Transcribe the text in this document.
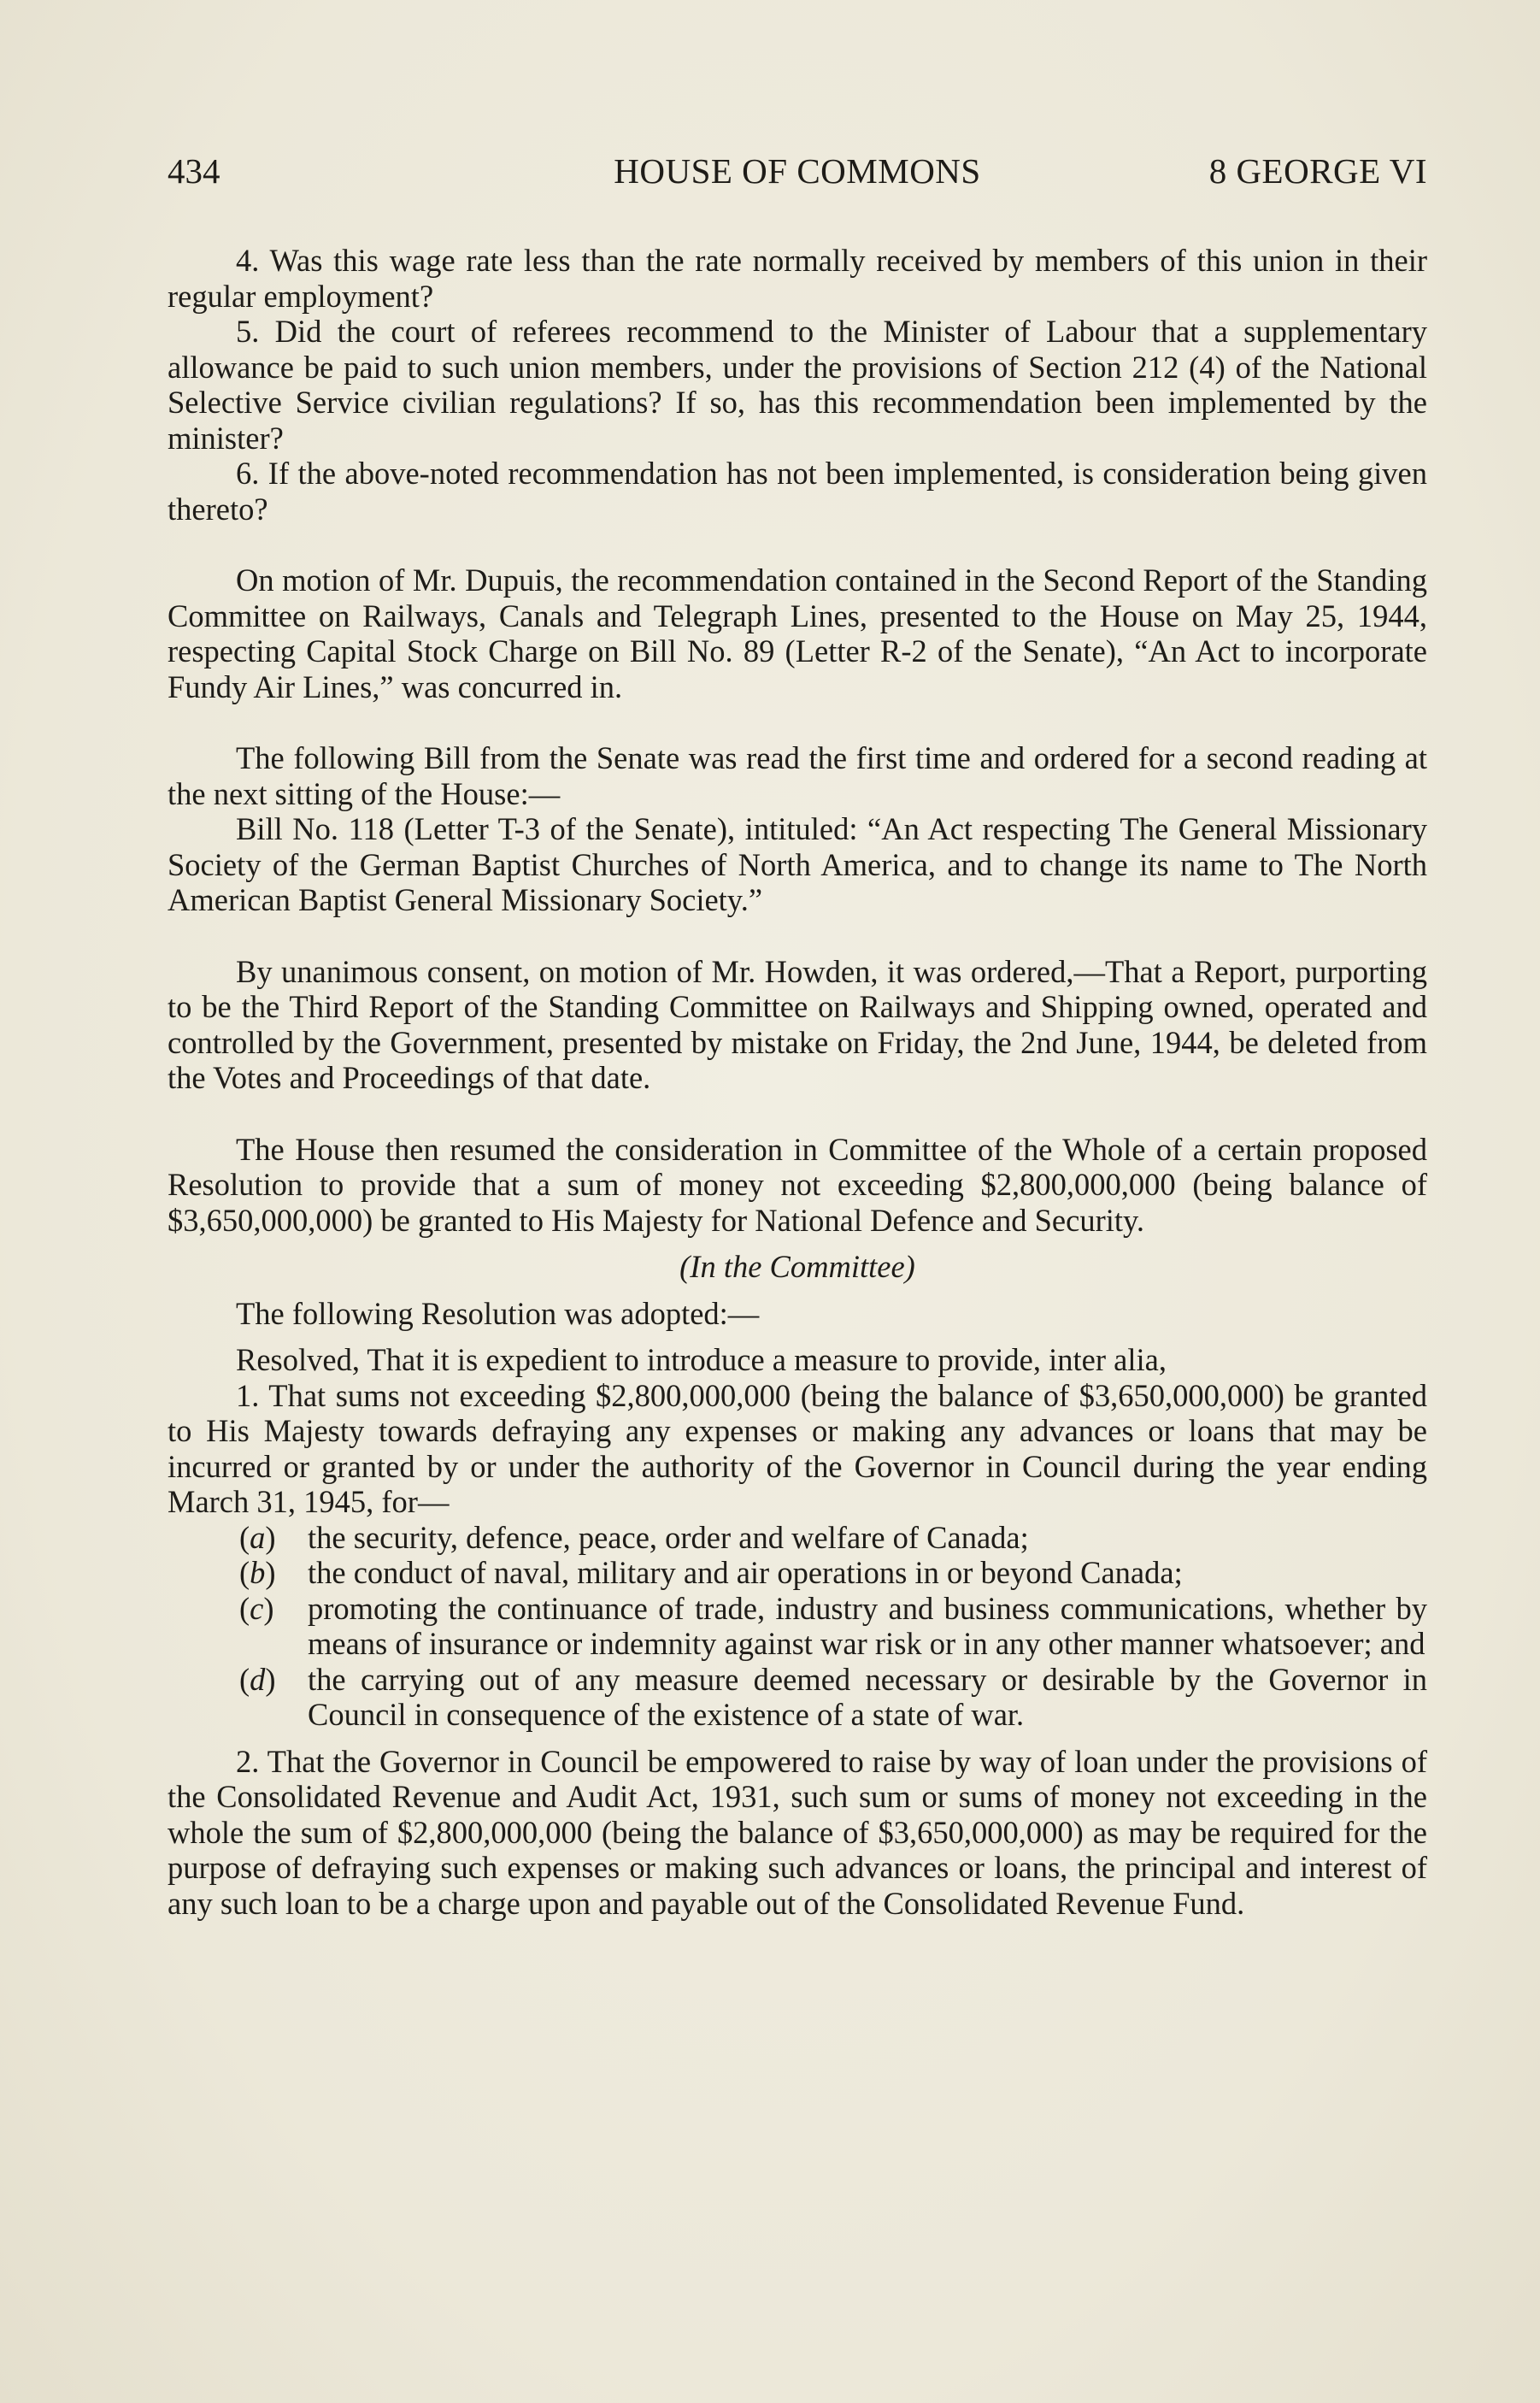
434	HOUSE OF COMMONS	8 GEORGE VI

4. Was this wage rate less than the rate normally received by members of this union in their regular employment?

5. Did the court of referees recommend to the Minister of Labour that a supplementary allowance be paid to such union members, under the provisions of Section 212 (4) of the National Selective Service civilian regulations? If so, has this recommendation been implemented by the minister?

6. If the above-noted recommendation has not been implemented, is consideration being given thereto?

On motion of Mr. Dupuis, the recommendation contained in the Second Report of the Standing Committee on Railways, Canals and Telegraph Lines, presented to the House on May 25, 1944, respecting Capital Stock Charge on Bill No. 89 (Letter R-2 of the Senate), “An Act to incorporate Fundy Air Lines,” was concurred in.

The following Bill from the Senate was read the first time and ordered for a second reading at the next sitting of the House:—

Bill No. 118 (Letter T-3 of the Senate), intituled: “An Act respecting The General Missionary Society of the German Baptist Churches of North America, and to change its name to The North American Baptist General Missionary Society.”

By unanimous consent, on motion of Mr. Howden, it was ordered,—That a Report, purporting to be the Third Report of the Standing Committee on Railways and Shipping owned, operated and controlled by the Government, presented by mistake on Friday, the 2nd June, 1944, be deleted from the Votes and Proceedings of that date.

The House then resumed the consideration in Committee of the Whole of a certain proposed Resolution to provide that a sum of money not exceeding $2,800,000,000 (being balance of $3,650,000,000) be granted to His Majesty for National Defence and Security.

(In the Committee)

The following Resolution was adopted:—

Resolved, That it is expedient to introduce a measure to provide, inter alia,

1. That sums not exceeding $2,800,000,000 (being the balance of $3,650,000,000) be granted to His Majesty towards defraying any expenses or making any advances or loans that may be incurred or granted by or under the authority of the Governor in Council during the year ending March 31, 1945, for—

(a) the security, defence, peace, order and welfare of Canada;
(b) the conduct of naval, military and air operations in or beyond Canada;
(c) promoting the continuance of trade, industry and business communications, whether by means of insurance or indemnity against war risk or in any other manner whatsoever; and
(d) the carrying out of any measure deemed necessary or desirable by the Governor in Council in consequence of the existence of a state of war.

2. That the Governor in Council be empowered to raise by way of loan under the provisions of the Consolidated Revenue and Audit Act, 1931, such sum or sums of money not exceeding in the whole the sum of $2,800,000,000 (being the balance of $3,650,000,000) as may be required for the purpose of defraying such expenses or making such advances or loans, the principal and interest of any such loan to be a charge upon and payable out of the Consolidated Revenue Fund.
